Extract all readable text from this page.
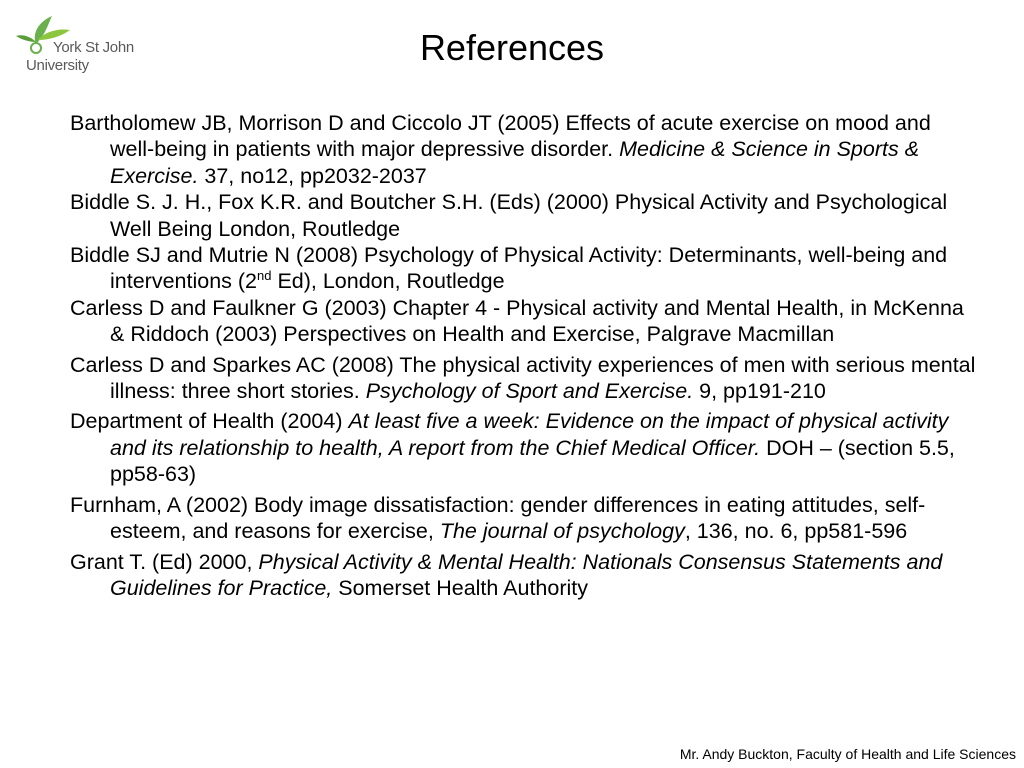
York St John
University	References
Bartholomew JB, Morrison D and Ciccolo JT (2005) Effects of acute exercise on mood and well-being in patients with major depressive disorder. Medicine & Science in Sports & Exercise. 37, no12, pp2032-2037
Biddle S. J. H., Fox K.R. and Boutcher S.H. (Eds) (2000) Physical Activity and Psychological Well Being London, Routledge
Biddle SJ and Mutrie N (2008) Psychology of Physical Activity: Determinants, well-being and interventions (2nd Ed), London, Routledge
Carless D and Faulkner G (2003) Chapter 4 - Physical activity and Mental Health, in McKenna & Riddoch (2003) Perspectives on Health and Exercise, Palgrave Macmillan
Carless D and Sparkes AC (2008) The physical activity experiences of men with serious mental illness: three short stories. Psychology of Sport and Exercise. 9, pp191-210
Department of Health (2004) At least five a week: Evidence on the impact of physical activity and its relationship to health, A report from the Chief Medical Officer. DOH – (section 5.5, pp58-63)
Furnham, A (2002) Body image dissatisfaction: gender differences in eating attitudes, self-esteem, and reasons for exercise, The journal of psychology, 136, no. 6, pp581-596
Grant T. (Ed) 2000, Physical Activity & Mental Health: Nationals Consensus Statements and Guidelines for Practice, Somerset Health Authority
Mr. Andy Buckton, Faculty of Health and Life Sciences
